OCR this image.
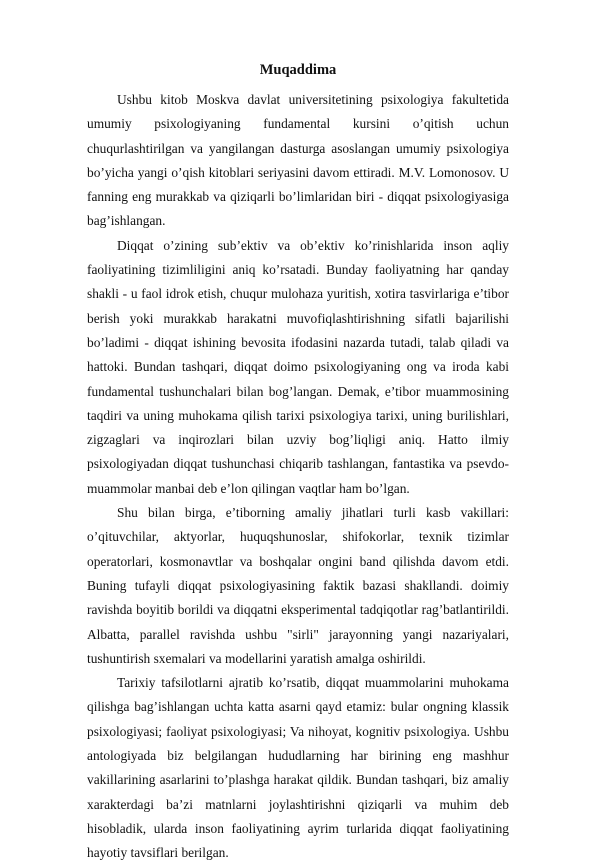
Muqaddima

Ushbu kitob Moskva davlat universitetining psixologiya fakultetida umumiy psixologiyaning fundamental kursini o’qitish uchun chuqurlashtirilgan va yangilangan dasturga asoslangan umumiy psixologiya bo’yicha yangi o’qish kitoblari seriyasini davom ettiradi. M.V. Lomonosov. U fanning eng murakkab va qiziqarli bo’limlaridan biri - diqqat psixologiyasiga bag’ishlangan.

Diqqat o’zining sub’ektiv va ob’ektiv ko’rinishlarida inson aqliy faoliyatining tizimliligini aniq ko’rsatadi. Bunday faoliyatning har qanday shakli - u faol idrok etish, chuqur mulohaza yuritish, xotira tasvirlariga e’tibor berish yoki murakkab harakatni muvofiqlashtirishning sifatli bajarilishi bo’ladimi - diqqat ishining bevosita ifodasini nazarda tutadi, talab qiladi va hattoki. Bundan tashqari, diqqat doimo psixologiyaning ong va iroda kabi fundamental tushunchalari bilan bog’langan. Demak, e’tibor muammosining taqdiri va uning muhokama qilish tarixi psixologiya tarixi, uning burilishlari, zigzaglari va inqirozlari bilan uzviy bog’liqligi aniq. Hatto ilmiy psixologiyadan diqqat tushunchasi chiqarib tashlangan, fantastika va psevdo-muammolar manbai deb e’lon qilingan vaqtlar ham bo’lgan.

Shu bilan birga, e’tiborning amaliy jihatlari turli kasb vakillari: o’qituvchilar, aktyorlar, huquqshunoslar, shifokorlar, texnik tizimlar operatorlari, kosmonavtlar va boshqalar ongini band qilishda davom etdi. Buning tufayli diqqat psixologiyasining faktik bazasi shakllandi. doimiy ravishda boyitib borildi va diqqatni eksperimental tadqiqotlar rag’batlantirildi. Albatta, parallel ravishda ushbu "sirli" jarayonning yangi nazariyalari, tushuntirish sxemalari va modellarini yaratish amalga oshirildi.

Tarixiy tafsilotlarni ajratib ko’rsatib, diqqat muammolarini muhokama qilishga bag’ishlangan uchta katta asarni qayd etamiz: bular ongning klassik psixologiyasi; faoliyat psixologiyasi; Va nihoyat, kognitiv psixologiya. Ushbu antologiyada biz belgilangan hududlarning har birining eng mashhur vakillarining asarlarini to’plashga harakat qildik. Bundan tashqari, biz amaliy xarakterdagi ba’zi matnlarni joylashtirishni qiziqarli va muhim deb hisobladik, ularda inson faoliyatining ayrim turlarida diqqat faoliyatining hayotiy tavsiflari berilgan.
